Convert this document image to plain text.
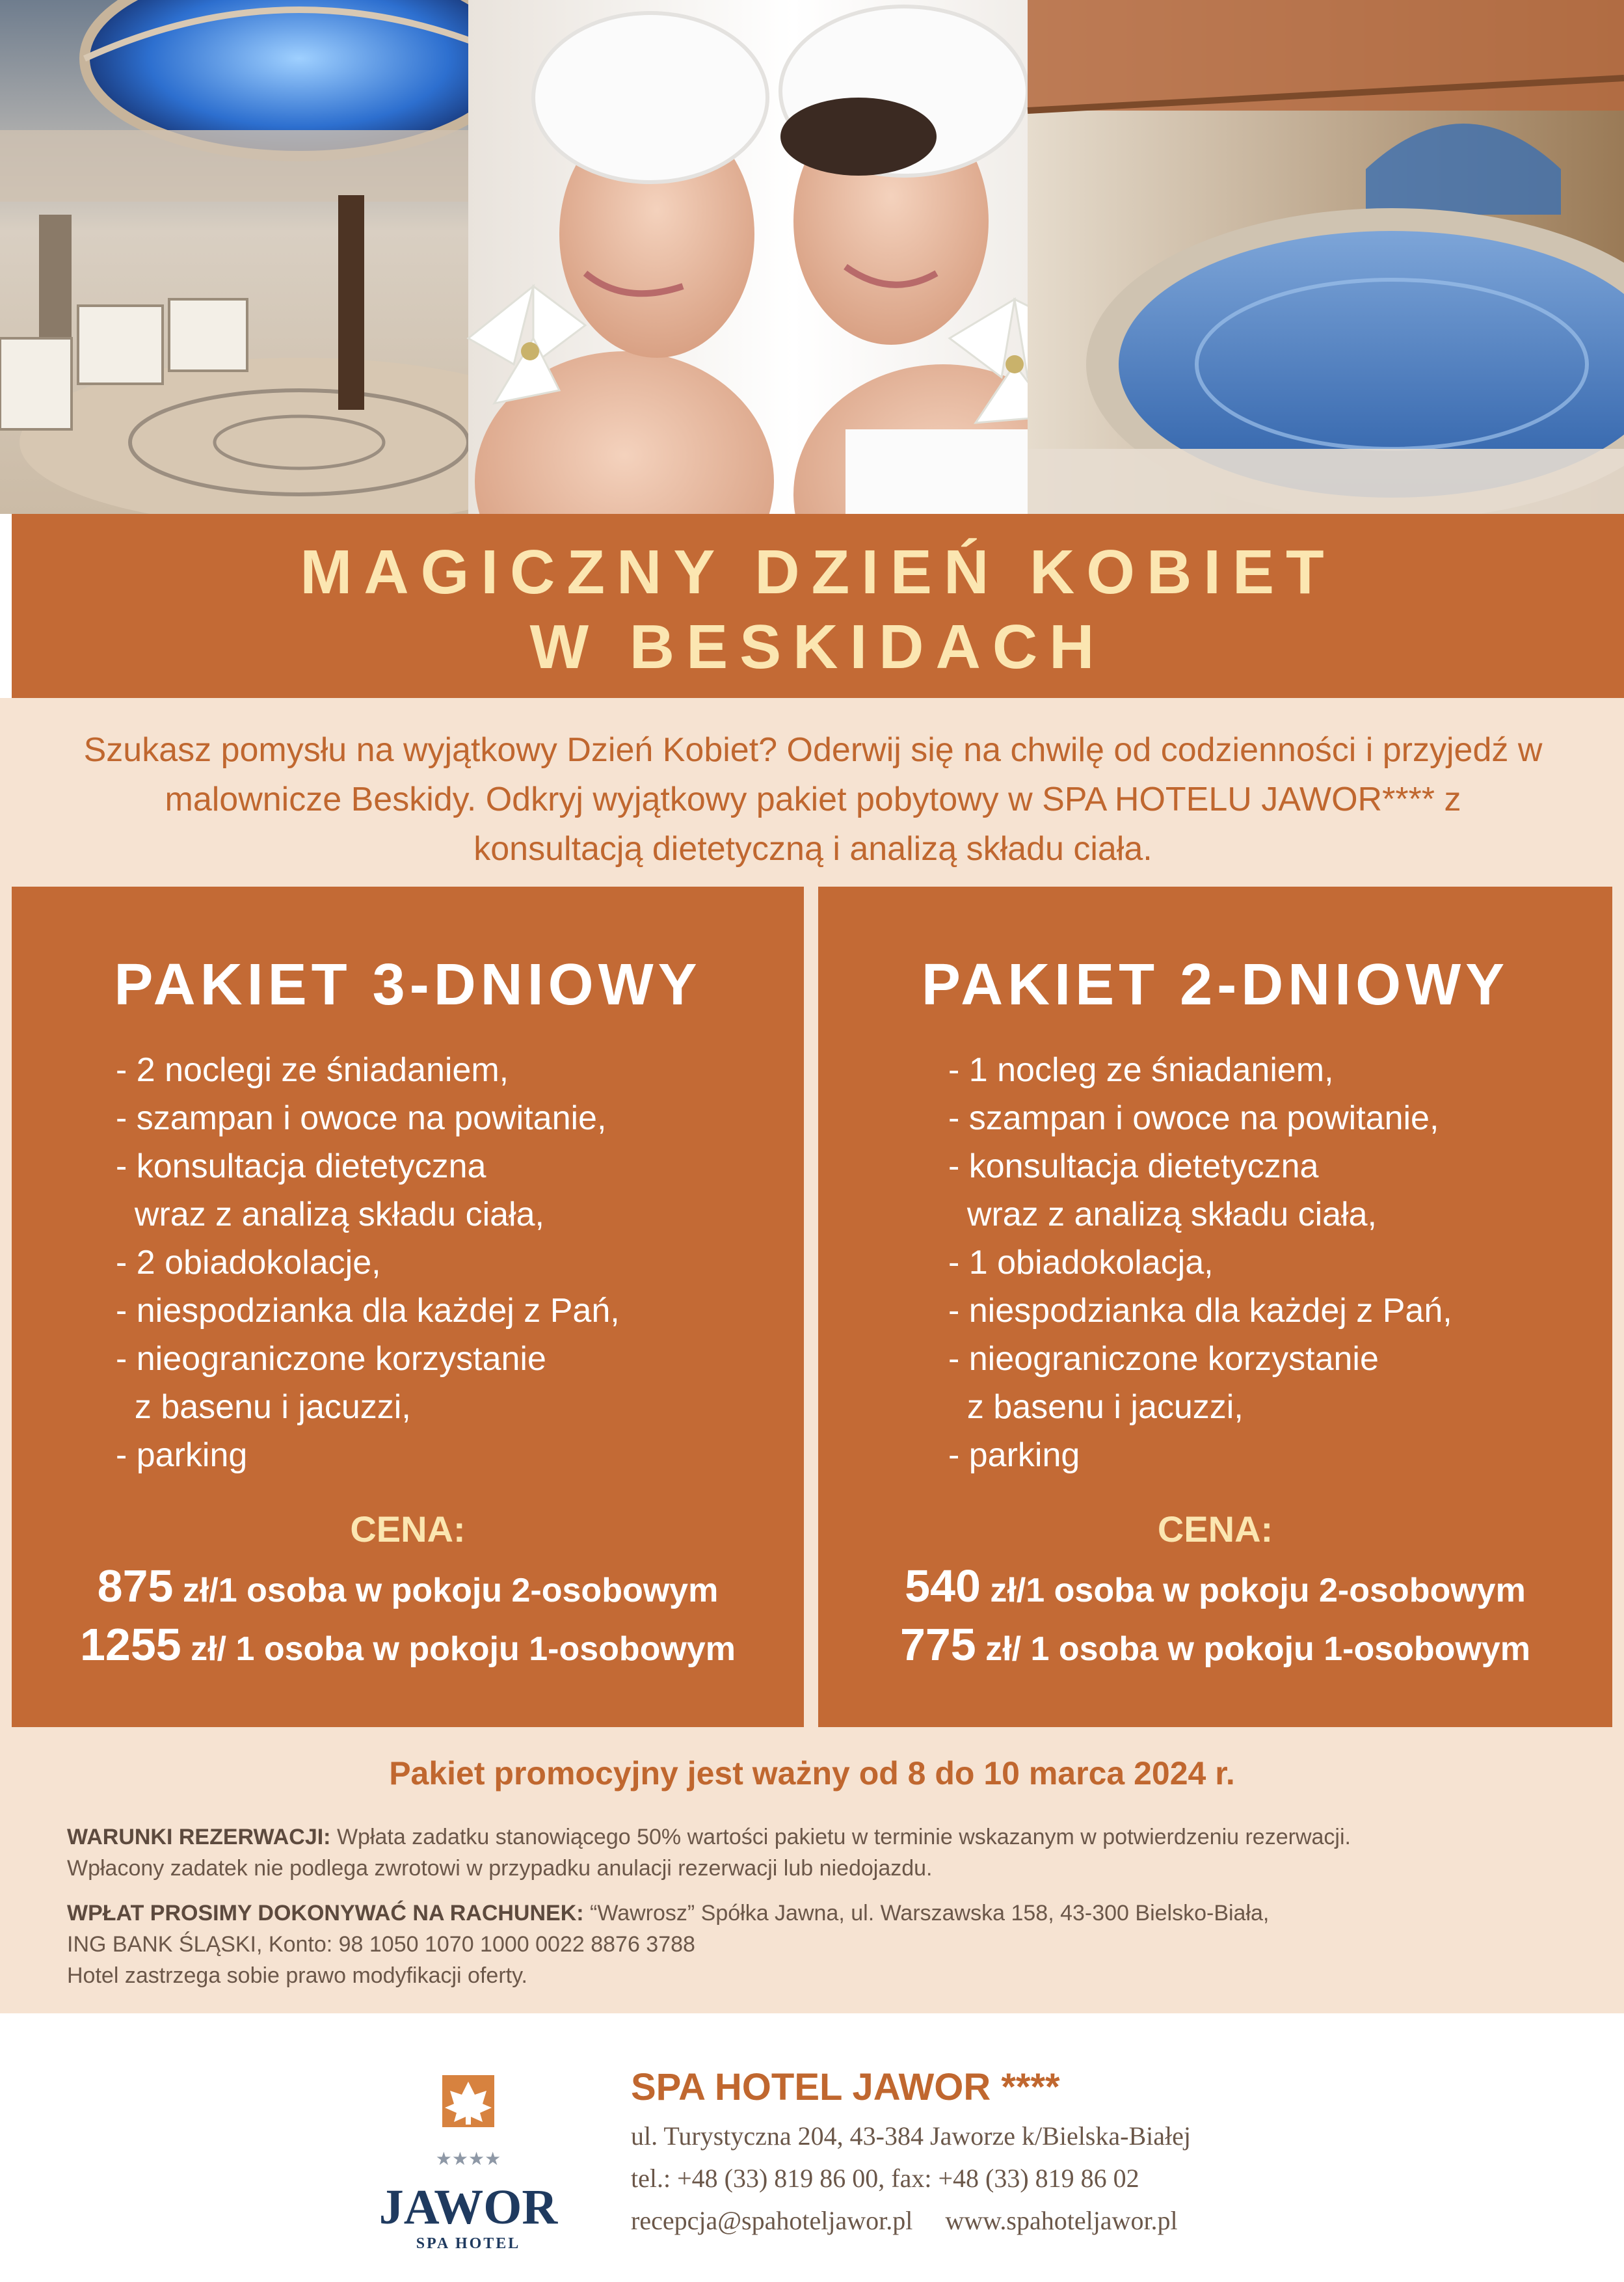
MAGICZNY DZIEŃ KOBIET
W BESKIDACH
Szukasz pomysłu na wyjątkowy Dzień Kobiet? Oderwij się na chwilę od codzienności i przyjedź w malownicze Beskidy. Odkryj wyjątkowy pakiet pobytowy w SPA HOTELU JAWOR**** z konsultacją dietetyczną i analizą składu ciała.
PAKIET 3-DNIOWY
- 2 noclegi ze śniadaniem,
- szampan i owoce na powitanie,
- konsultacja dietetyczna
wraz z analizą składu ciała,
- 2 obiadokolacje,
- niespodzianka dla każdej z Pań,
- nieograniczone korzystanie
z basenu i jacuzzi,
- parking
CENA:
875 zł/1 osoba w pokoju 2-osobowym
1255 zł/ 1 osoba w pokoju 1-osobowym
PAKIET 2-DNIOWY
- 1 nocleg ze śniadaniem,
- szampan i owoce na powitanie,
- konsultacja dietetyczna
wraz z analizą składu ciała,
- 1 obiadokolacja,
- niespodzianka dla każdej z Pań,
- nieograniczone korzystanie
z basenu i jacuzzi,
- parking
CENA:
540 zł/1 osoba w pokoju 2-osobowym
775 zł/ 1 osoba w pokoju 1-osobowym
Pakiet promocyjny jest ważny od 8 do 10 marca 2024 r.
WARUNKI REZERWACJI: Wpłata zadatku stanowiącego 50% wartości pakietu w terminie wskazanym w potwierdzeniu rezerwacji.
Wpłacony zadatek nie podlega zwrotowi w przypadku anulacji rezerwacji lub niedojazdu.
WPŁAT PROSIMY DOKONYWAĆ NA RACHUNEK: “Wawrosz” Spółka Jawna, ul. Warszawska 158, 43-300 Bielsko-Biała,
ING BANK ŚLĄSKI, Konto: 98 1050 1070 1000 0022 8876 3788
Hotel zastrzega sobie prawo modyfikacji oferty.
★★★★
JAWOR
SPA HOTEL
SPA HOTEL JAWOR ****
ul. Turystyczna 204, 43-384 Jaworze k/Bielska-Białej
tel.: +48 (33) 819 86 00, fax: +48 (33) 819 86 02
recepcja@spahoteljawor.pl www.spahoteljawor.pl
